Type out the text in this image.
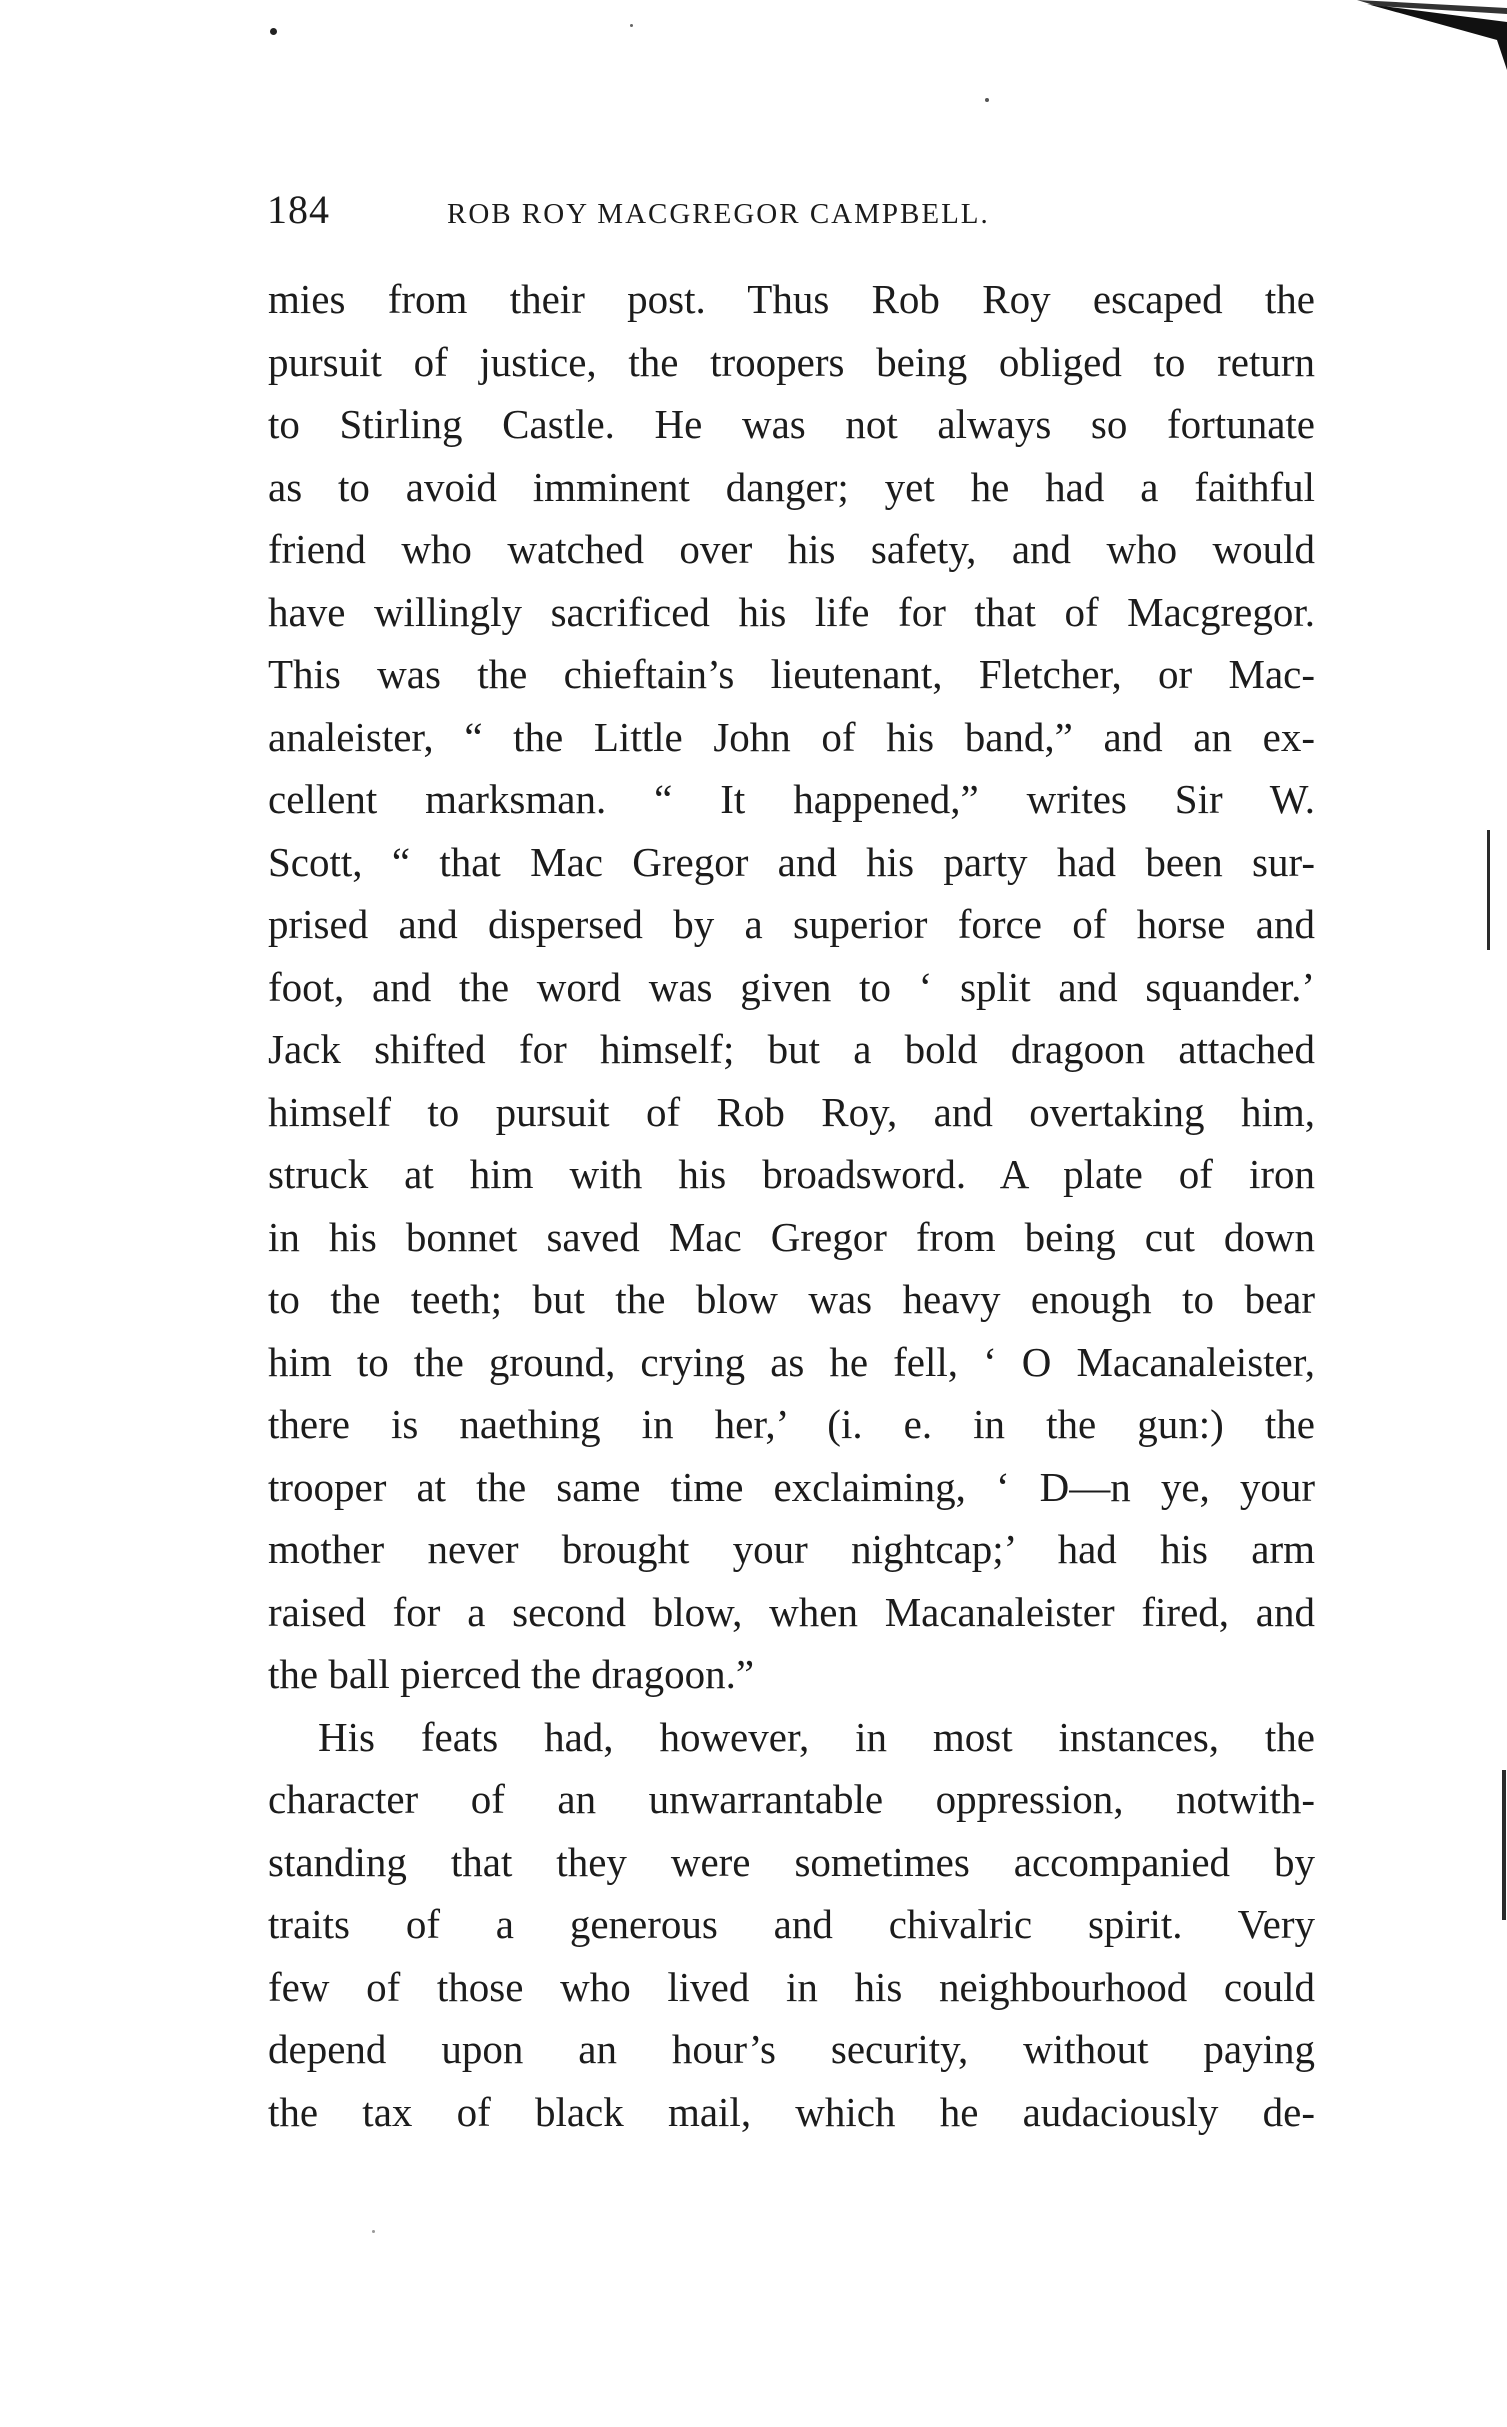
184	ROB ROY MACGREGOR CAMPBELL.
mies from their post. Thus Rob Roy escaped the
pursuit of justice, the troopers being obliged to return
to Stirling Castle. He was not always so fortunate
as to avoid imminent danger; yet he had a faithful
friend who watched over his safety, and who would
have willingly sacrificed his life for that of Macgregor.
This was the chieftain’s lieutenant, Fletcher, or Mac-
analeister, “ the Little John of his band,” and an ex-
cellent marksman. “ It happened,” writes Sir W.
Scott, “ that Mac Gregor and his party had been sur-
prised and dispersed by a superior force of horse and
foot, and the word was given to ‘ split and squander.’
Jack shifted for himself; but a bold dragoon attached
himself to pursuit of Rob Roy, and overtaking him,
struck at him with his broadsword. A plate of iron
in his bonnet saved Mac Gregor from being cut down
to the teeth; but the blow was heavy enough to bear
him to the ground, crying as he fell, ‘ O Macanaleister,
there is naething in her,’ (i. e. in the gun:) the
trooper at the same time exclaiming, ‘ D—n ye, your
mother never brought your nightcap;’ had his arm
raised for a second blow, when Macanaleister fired, and
the ball pierced the dragoon.”
His feats had, however, in most instances, the
character of an unwarrantable oppression, notwith-
standing that they were sometimes accompanied by
traits of a generous and chivalric spirit. Very
few of those who lived in his neighbourhood could
depend upon an hour’s security, without paying
the tax of black mail, which he audaciously de-
